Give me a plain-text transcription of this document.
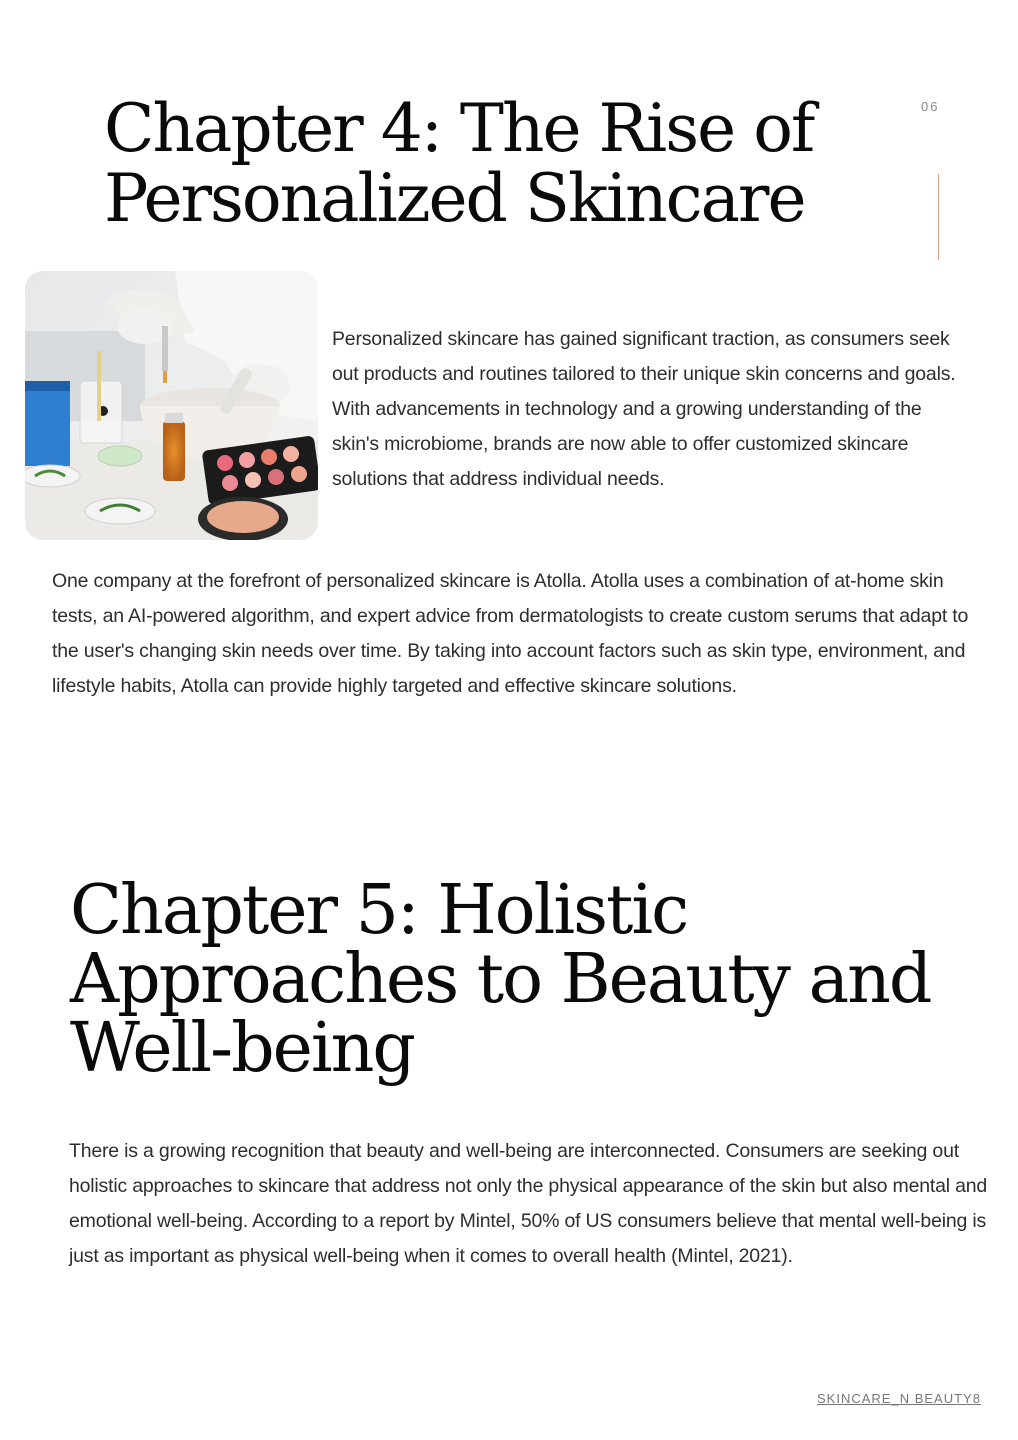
06
Chapter 4: The Rise of Personalized Skincare

Personalized skincare has gained significant traction, as consumers seek out products and routines tailored to their unique skin concerns and goals. With advancements in technology and a growing understanding of the skin's microbiome, brands are now able to offer customized skincare solutions that address individual needs.

One company at the forefront of personalized skincare is Atolla. Atolla uses a combination of at-home skin tests, an AI-powered algorithm, and expert advice from dermatologists to create custom serums that adapt to the user's changing skin needs over time. By taking into account factors such as skin type, environment, and lifestyle habits, Atolla can provide highly targeted and effective skincare solutions.

Chapter 5: Holistic Approaches to Beauty and Well-being

There is a growing recognition that beauty and well-being are interconnected. Consumers are seeking out holistic approaches to skincare that address not only the physical appearance of the skin but also mental and emotional well-being. According to a report by Mintel, 50% of US consumers believe that mental well-being is just as important as physical well-being when it comes to overall health (Mintel, 2021).

SKINCARE_N BEAUTY8
